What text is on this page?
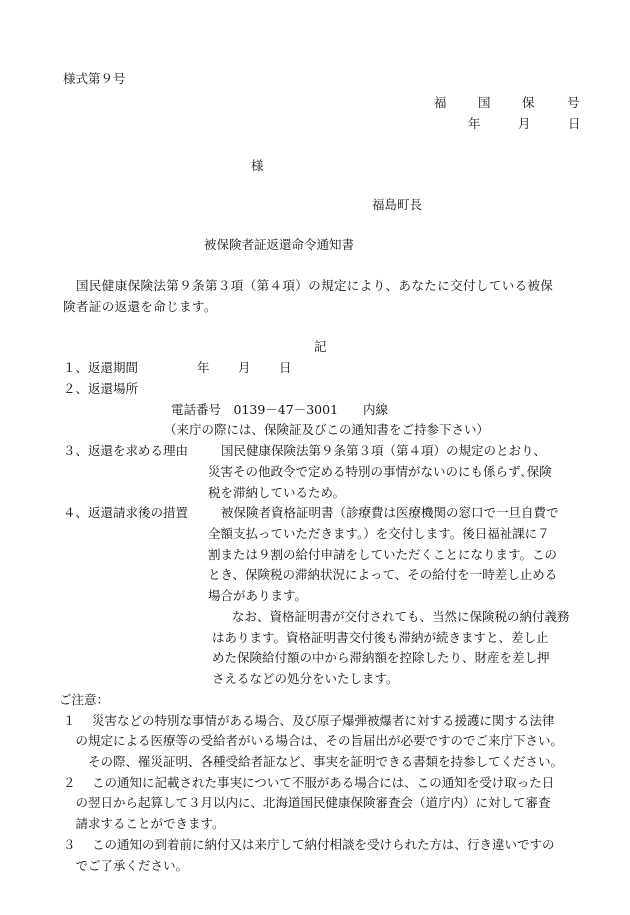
様式第９号
福	国	保	号
年	月	日
様
福島町長
被保険者証返還命令通知書
国民健康保険法第９条第３項（第４項）の規定により、あなたに交付している被保
険者証の返還を命じます。
記
１、返還期間	年 月 日
２、返還場所
電話番号　0139－47－3001　　内線
（来庁の際には、保険証及びこの通知書をご持参下さい）
３、返還を求める理由	国民健康保険法第９条第３項（第４項）の規定のとおり、
災害その他政令で定める特別の事情がないのにも係らず､保険
税を滞納しているため。
４、返還請求後の措置	被保険者資格証明書（診療費は医療機関の窓口で一旦自費で
全額支払っていただきます。）を交付します。後日福祉課に７
割または９割の給付申請をしていただくことになります。この
とき、保険税の滞納状況によって、その給付を一時差し止める
場合があります。
なお、資格証明書が交付されても、当然に保険税の納付義務
はあります。資格証明書交付後も滞納が続きますと、差し止
めた保険給付額の中から滞納額を控除したり、財産を差し押
さえるなどの処分をいたします。
ご注意：
１　 災害などの特別な事情がある場合、及び原子爆弾被爆者に対する援護に関する法律
　の規定による医療等の受給者がいる場合は、その旨届出が必要ですのでご来庁下さい。
　　その際、罹災証明、各種受給者証など、事実を証明できる書類を持参してください。
２　 この通知に記載された事実について不服がある場合には、この通知を受け取った日
　の翌日から起算して３月以内に、北海道国民健康保険審査会（道庁内）に対して審査
　請求することができます。
３　 この通知の到着前に納付又は来庁して納付相談を受けられた方は、行き違いですの
　でご了承ください。
